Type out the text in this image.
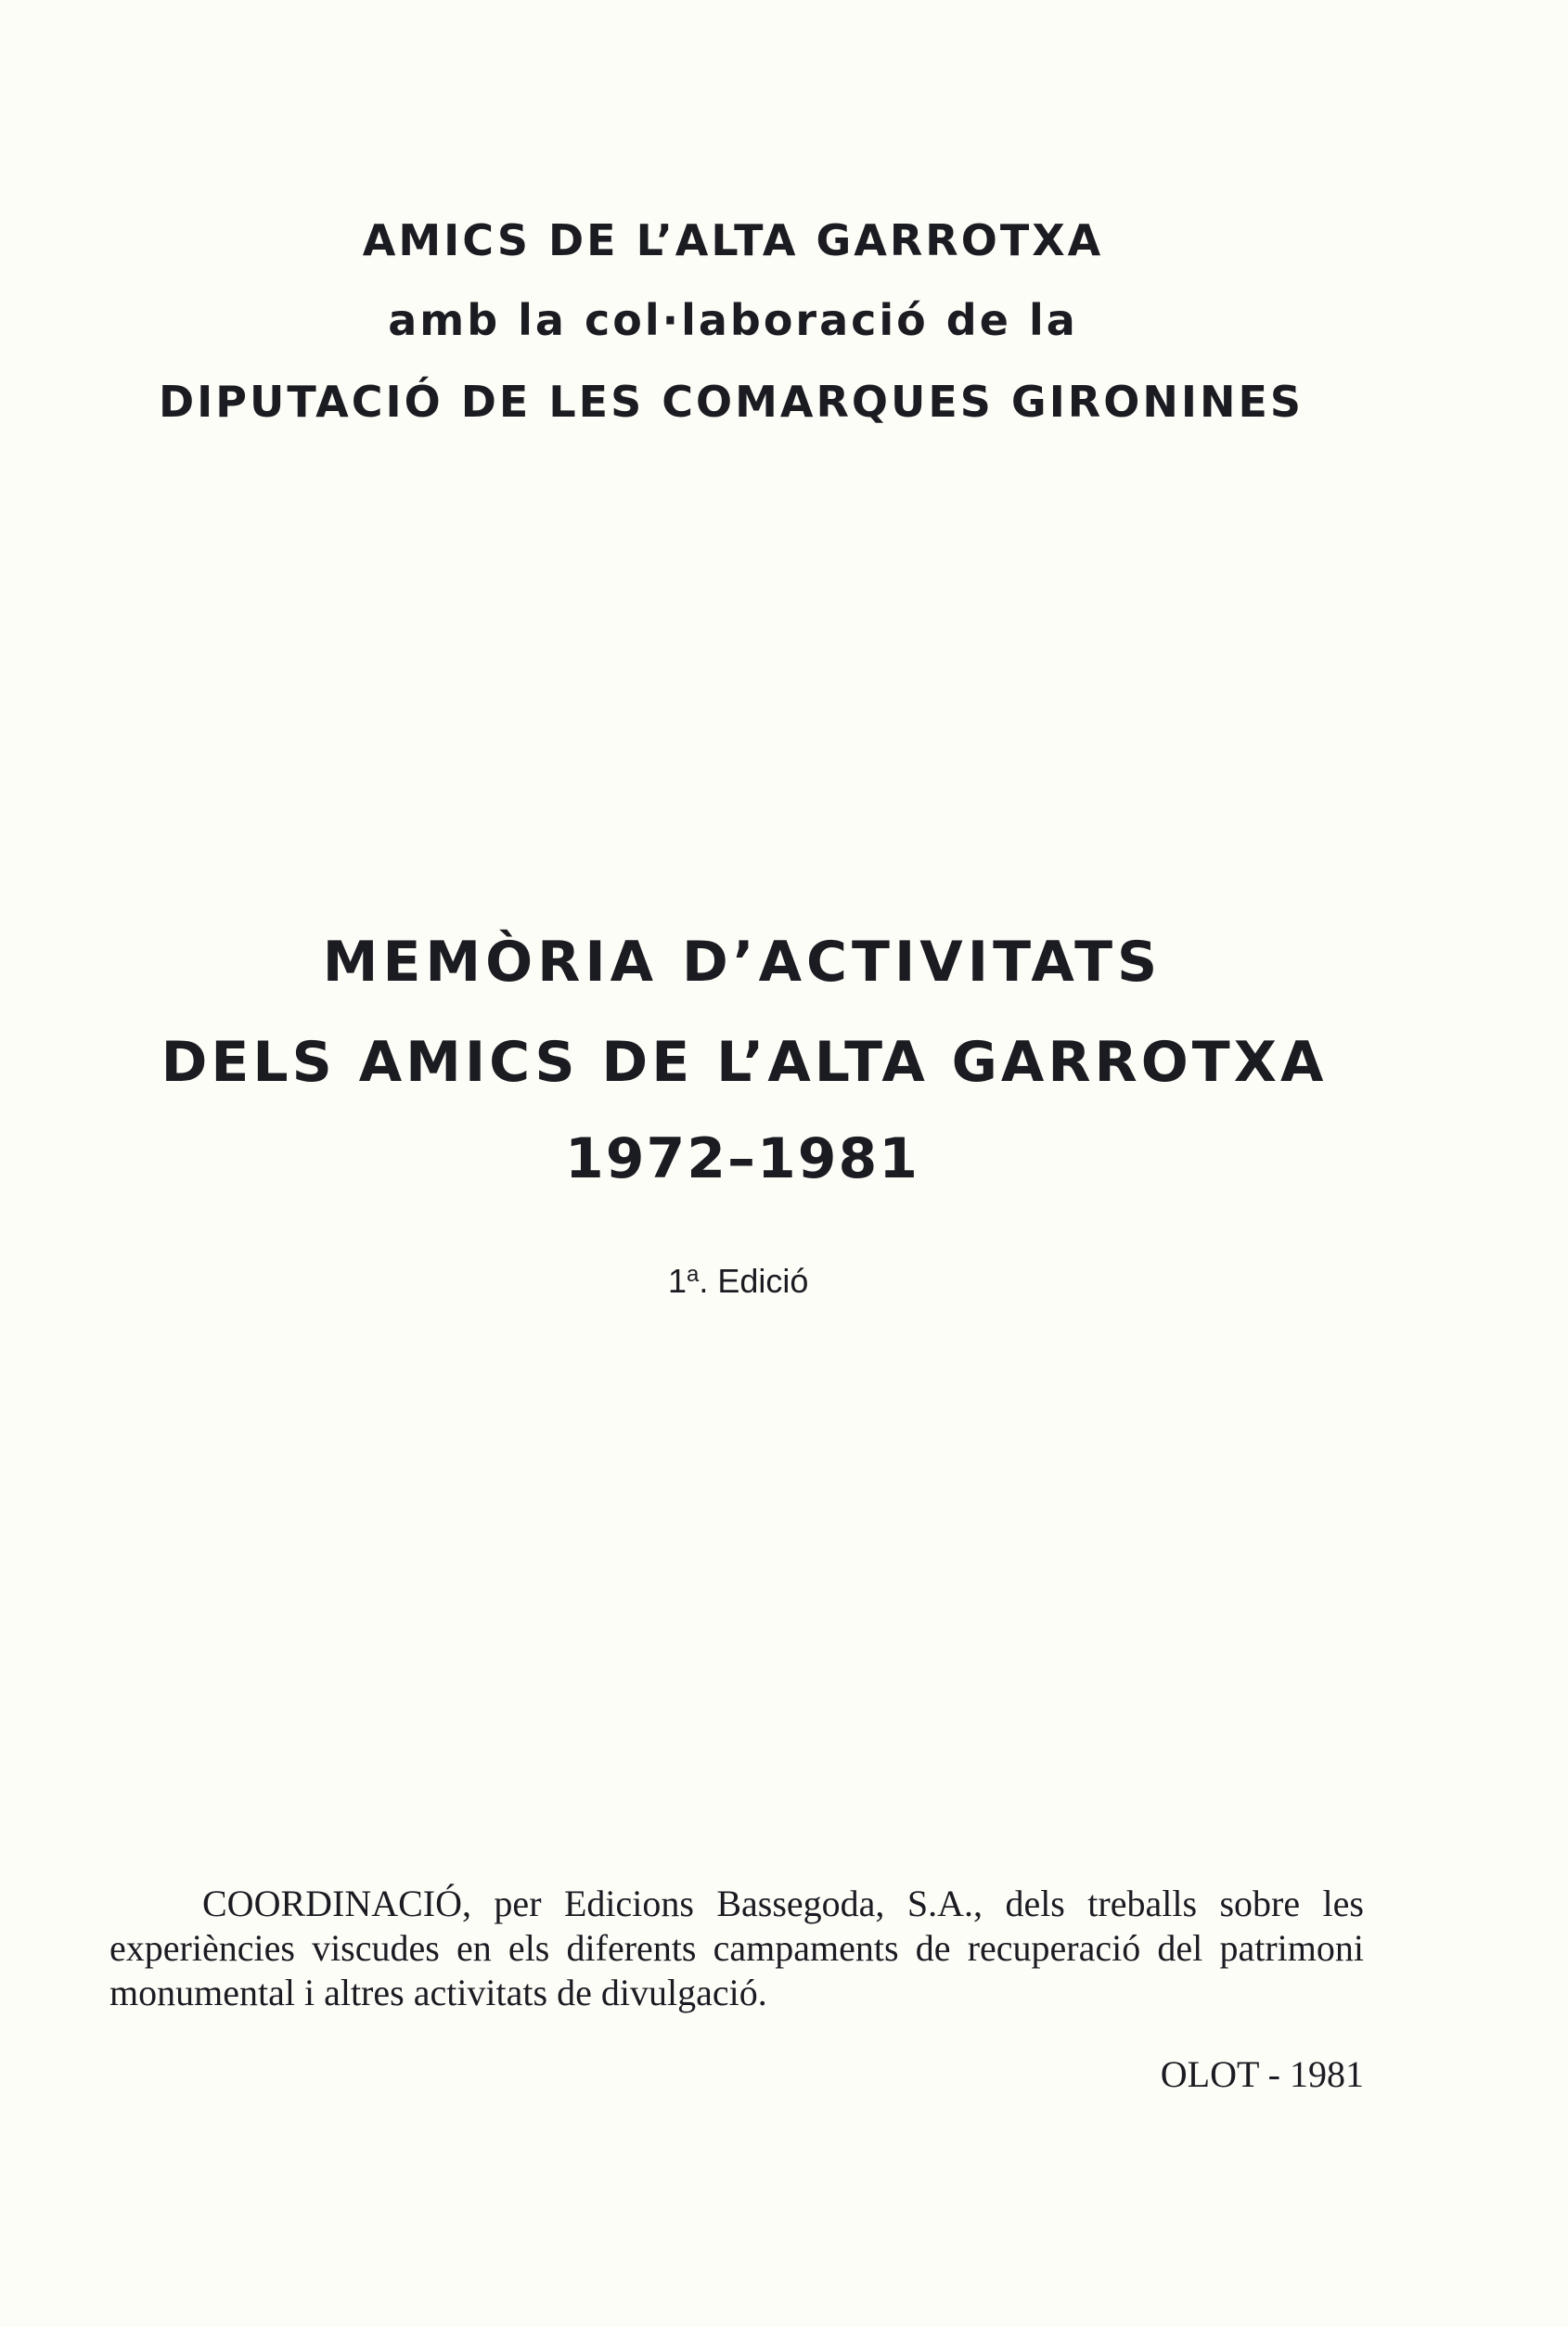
AMICS DE L’ALTA GARROTXA
amb la col·laboració de la
DIPUTACIÓ DE LES COMARQUES GIRONINES
MEMÒRIA D’ACTIVITATS
DELS AMICS DE L’ALTA GARROTXA
1972–1981
1$^a$. Edició
COORDINACIÓ, per Edicions Bassegoda, S.A., dels treballs sobre les experiències viscudes en els diferents campaments de recuperació del patrimoni monumental i altres activitats de divulgació.
OLOT - 1981
